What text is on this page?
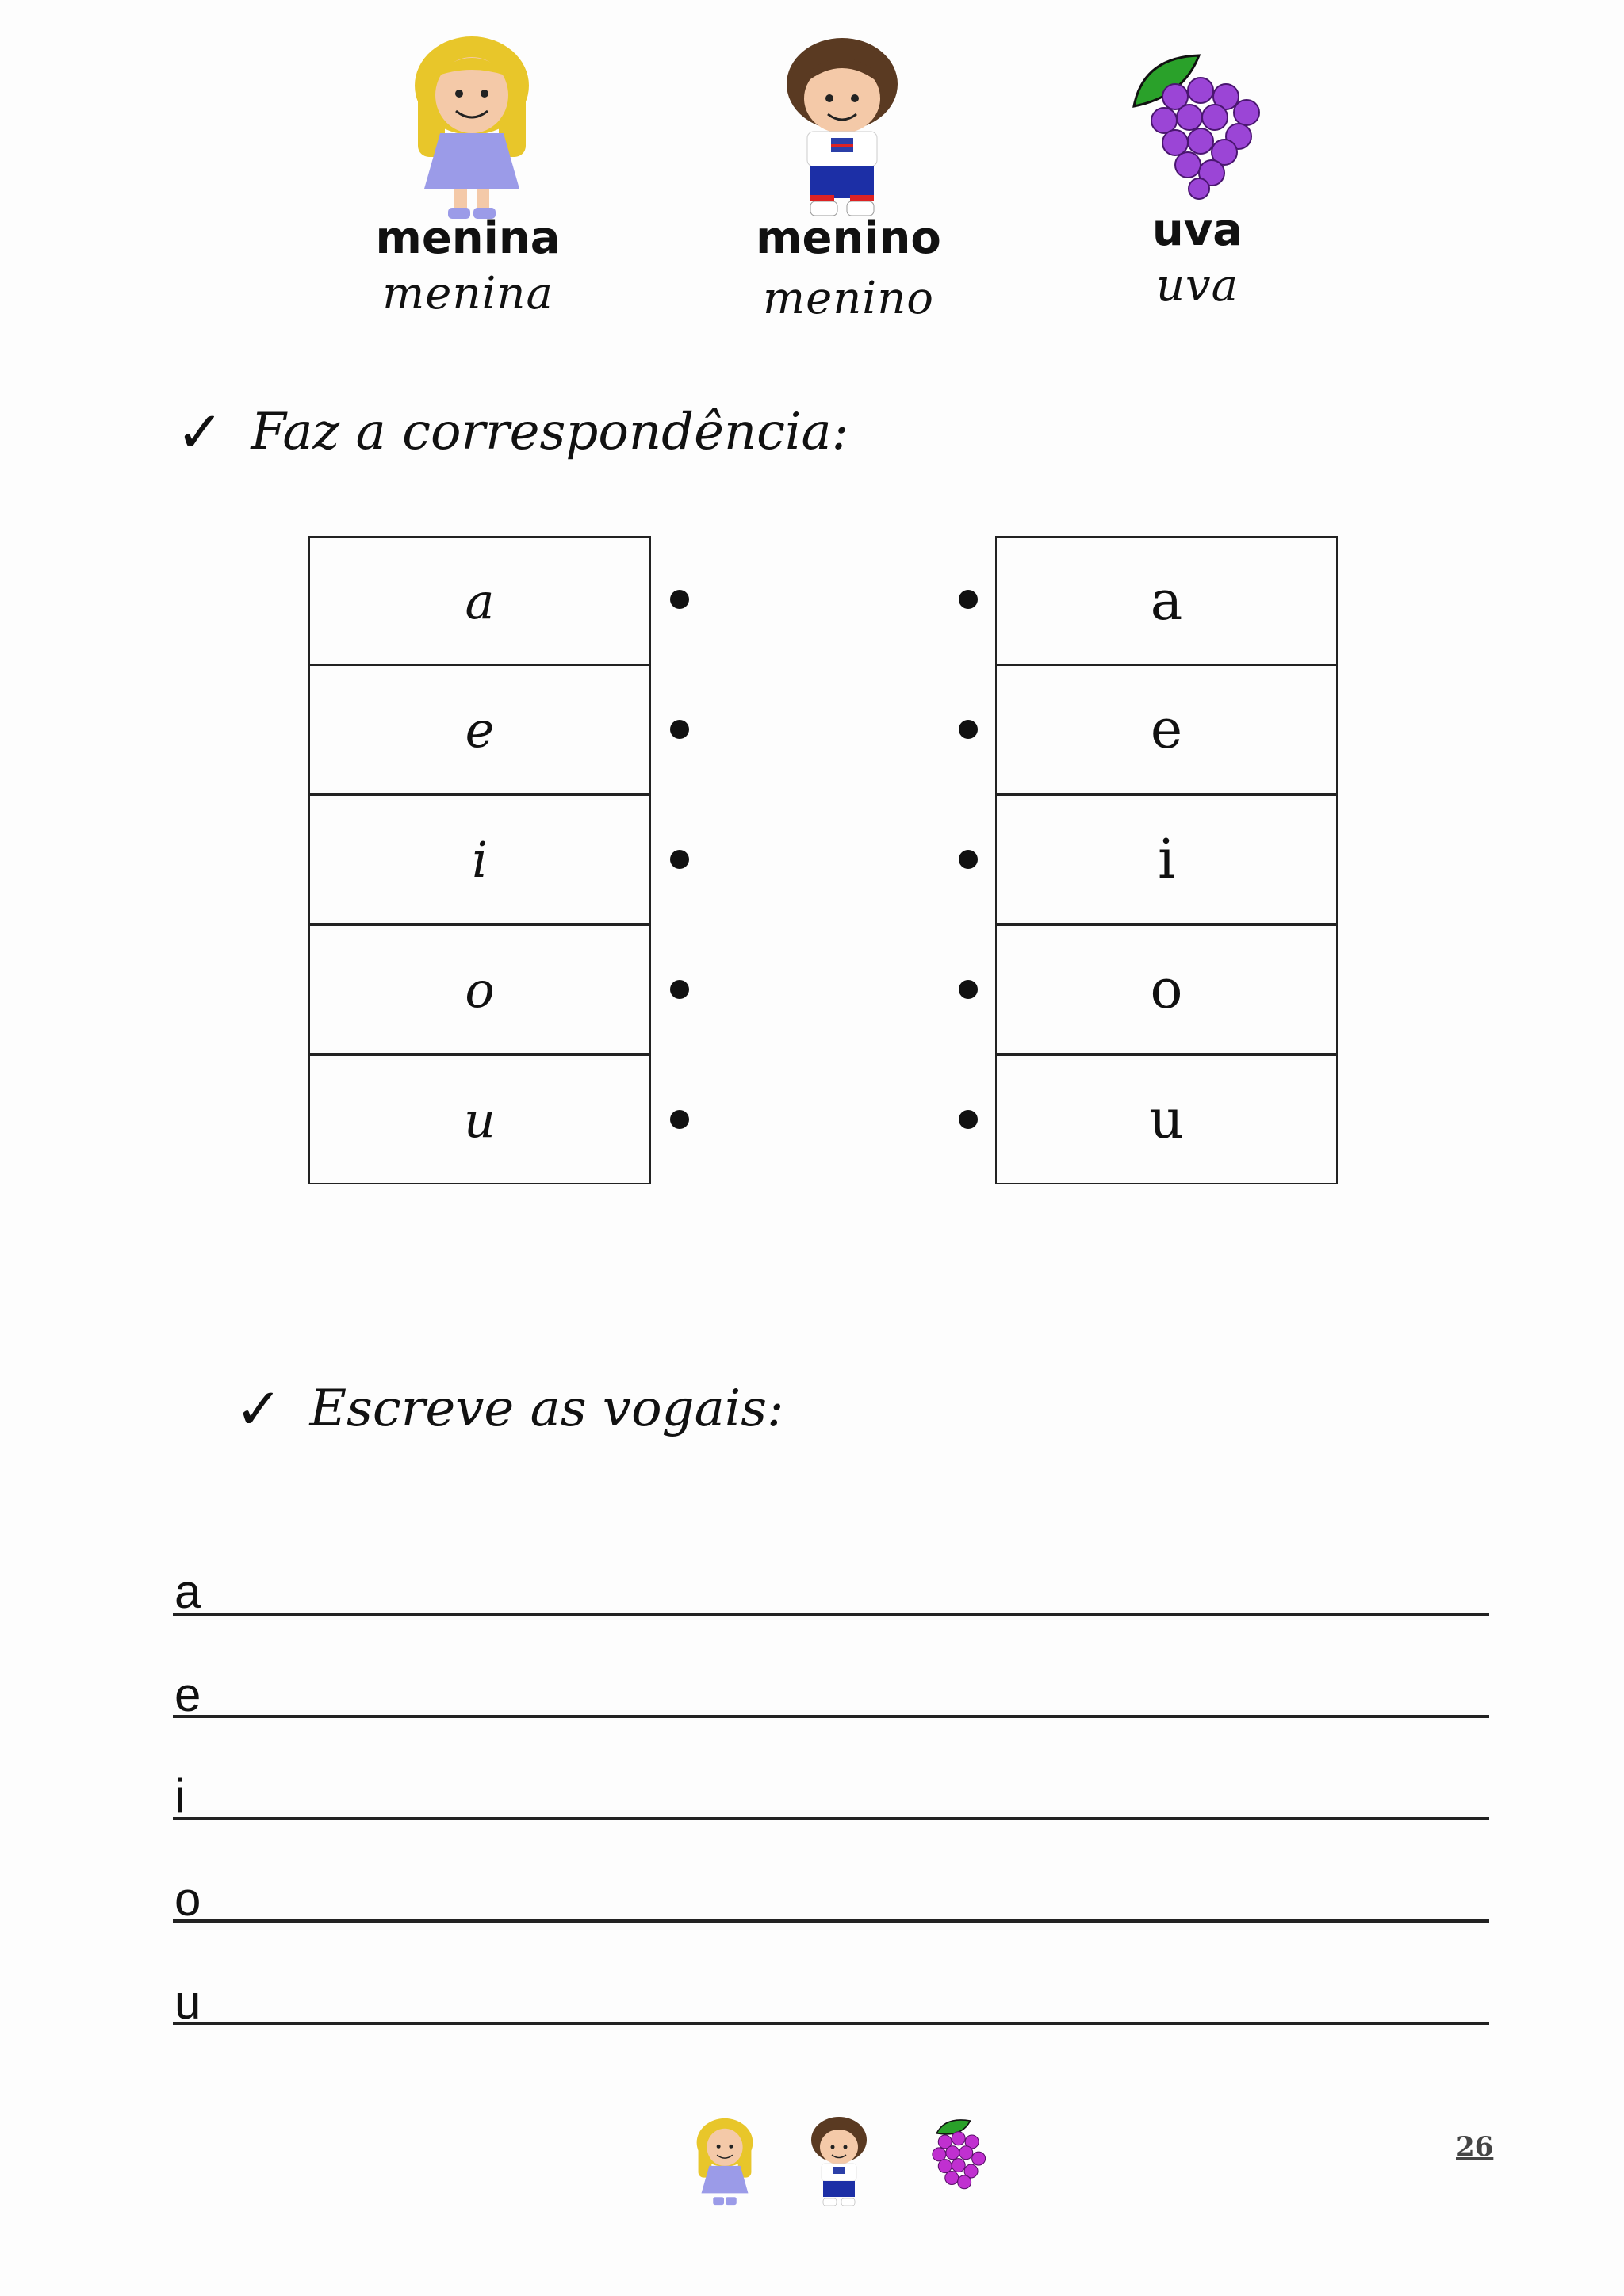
menina
menina
menino
menino
uva
uva
✓ Faz a correspondência:
a
e
i
o
u
a
e
i
o
u
✓ Escreve as vogais:
a
e
i
o
u
26
